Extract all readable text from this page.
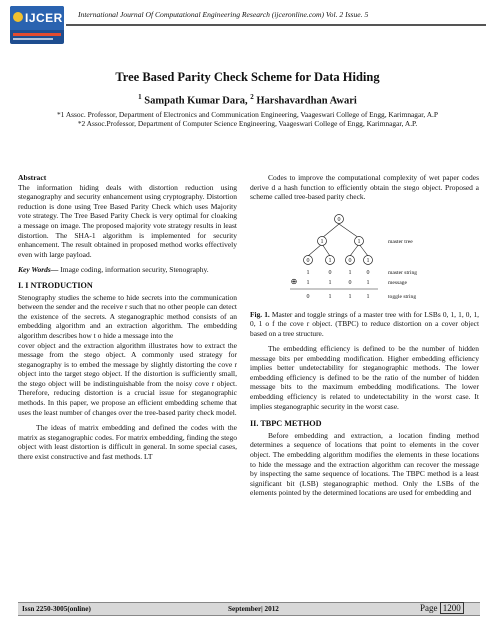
IJCER International Journal Of Computational Engineering Research (ijceronline.com) Vol. 2 Issue. 5
Tree Based Parity Check Scheme for Data Hiding
$^1$ Sampath Kumar Dara, $^2$ Harshavardhan Awari
*1 Assoc. Professor, Department of Electronics and Communication Engineering, Vaageswari College of Engg, Karimnagar, A.P
*2 Assoc.Professor, Department of Computer Science Engineering, Vaageswari College of Engg, Karimnagar, A.P.
Abstract
The information hiding deals with distortion reduction using steganography and security enhancement using cryptography. Distortion reduction is done using Tree Based Parity Check which uses Majority vote strategy. The Tree Based Parity Check is very optimal for cloaking a message on image. The proposed majority vote strategy results in least distortion. The SHA-1 algorithm is implemented for security enhancement. The result obtained in proposed method works effectively even with large payload.
Key Words— Image coding, information security, Stenography.
I. I NTRODUCTION
Stenography studies the scheme to hide secrets into the communication between the sender and the receive r such that no other people can detect the existence of the secrets. A steganographic method consists of an embedding algorithm and an extraction algorithm. The embedding algorithm describes how t o hide a message into the
cover object and the extraction algorithm illustrates how to extract the message from the stego object. A commonly used strategy for steganography is to embed the message by slightly distorting the cove r object into the target stego object. If the distortion is sufficiently small, the stego object will be indistinguishable from the noisy cove r object. Therefore, reducing distortion is a crucial issue for steganographic methods. In this paper, we propose an efficient embedding scheme that uses the least number of changes over the tree-based parity check model.
The ideas of matrix embedding and defined the codes with the matrix as steganographic codes. For matrix embedding, finding the stego object with least distortion is difficult in general. In some special cases, there exist constructive and fast methods. LT
Codes to improve the computational complexity of wet paper codes derive d a hash function to efficiently obtain the stego object. Proposed a scheme called tree-based parity check.
0
1	1
0	1	0	1
1	0	1	0
⊕ 1	1	0	1
0	1	1	1
master tree
master string
message
toggle string
Fig. 1. Master and toggle strings of a master tree with for LSBs 0, 1, 1, 0, 1, 0, 1 o f the cove r object. (TBPC) to reduce distortion on a cover object based on a tree structure.
The embedding efficiency is defined to be the number of hidden message bits per embedding modification. Higher embedding efficiency implies better undetectability for steganographic methods. The lower embedding efficiency is defined to be the ratio of the number of hidden message bits to the maximum embedding modifications. The lower embedding efficiency is related to undetectability in the worst case. It implies steganographic security in the worst case.
II. TBPC METHOD
Before embedding and extraction, a location finding method determines a sequence of locations that point to elements in the cover object. The embedding algorithm modifies the elements in these locations to hide the message and the extraction algorithm can recover the message by inspecting the same sequence of locations. The TBPC method is a least significant bit (LSB) steganographic method. Only the LSBs of the elements pointed by the determined locations are used for embedding and
Issn 2250-3005(online)	September| 2012	Page 1200
